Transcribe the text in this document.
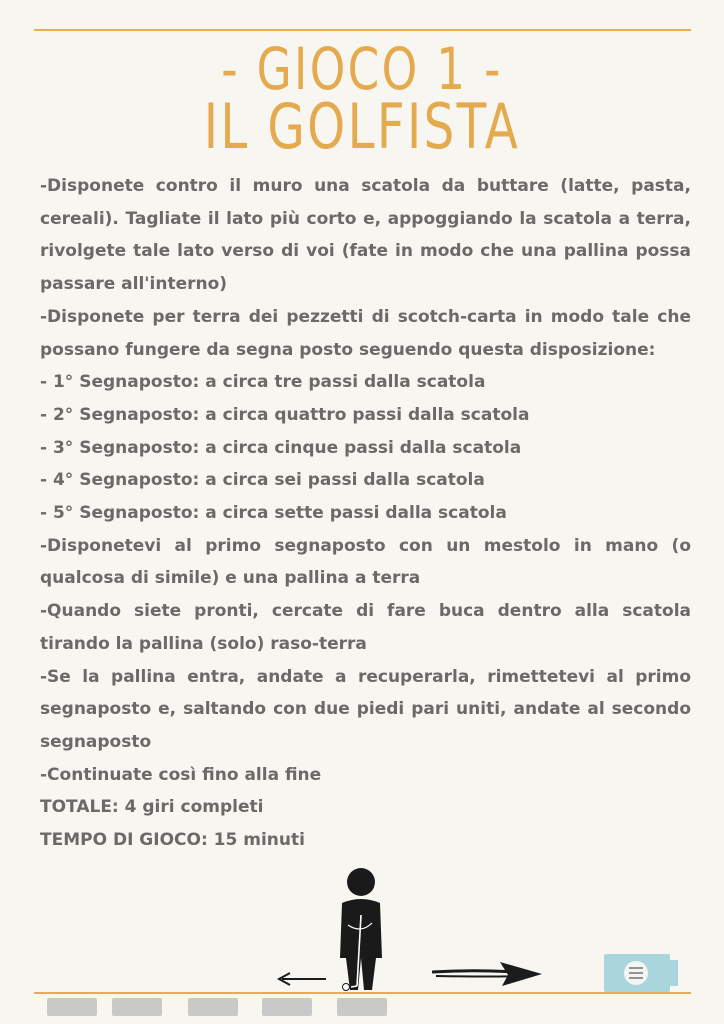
- GIOCO 1 -
IL GOLFISTA

-Disponete contro il muro una scatola da buttare (latte, pasta, cereali). Tagliate il lato più corto e, appoggiando la scatola a terra, rivolgete tale lato verso di voi (fate in modo che una pallina possa passare all'interno)

-Disponete per terra dei pezzetti di scotch-carta in modo tale che possano fungere da segna posto seguendo questa disposizione:

- 1° Segnaposto: a circa tre passi dalla scatola

- 2° Segnaposto: a circa quattro passi dalla scatola

- 3° Segnaposto: a circa cinque passi dalla scatola

- 4° Segnaposto: a circa sei passi dalla scatola

- 5° Segnaposto: a circa sette passi dalla scatola

-Disponetevi al primo segnaposto con un mestolo in mano (o qualcosa di simile) e una pallina a terra

-Quando siete pronti, cercate di fare buca dentro alla scatola tirando la pallina (solo) raso-terra

-Se la pallina entra, andate a recuperarla, rimettetevi al primo segnaposto e, saltando con due piedi pari uniti, andate al secondo segnaposto

-Continuate così fino alla fine

TOTALE: 4 giri completi

TEMPO DI GIOCO: 15 minuti
